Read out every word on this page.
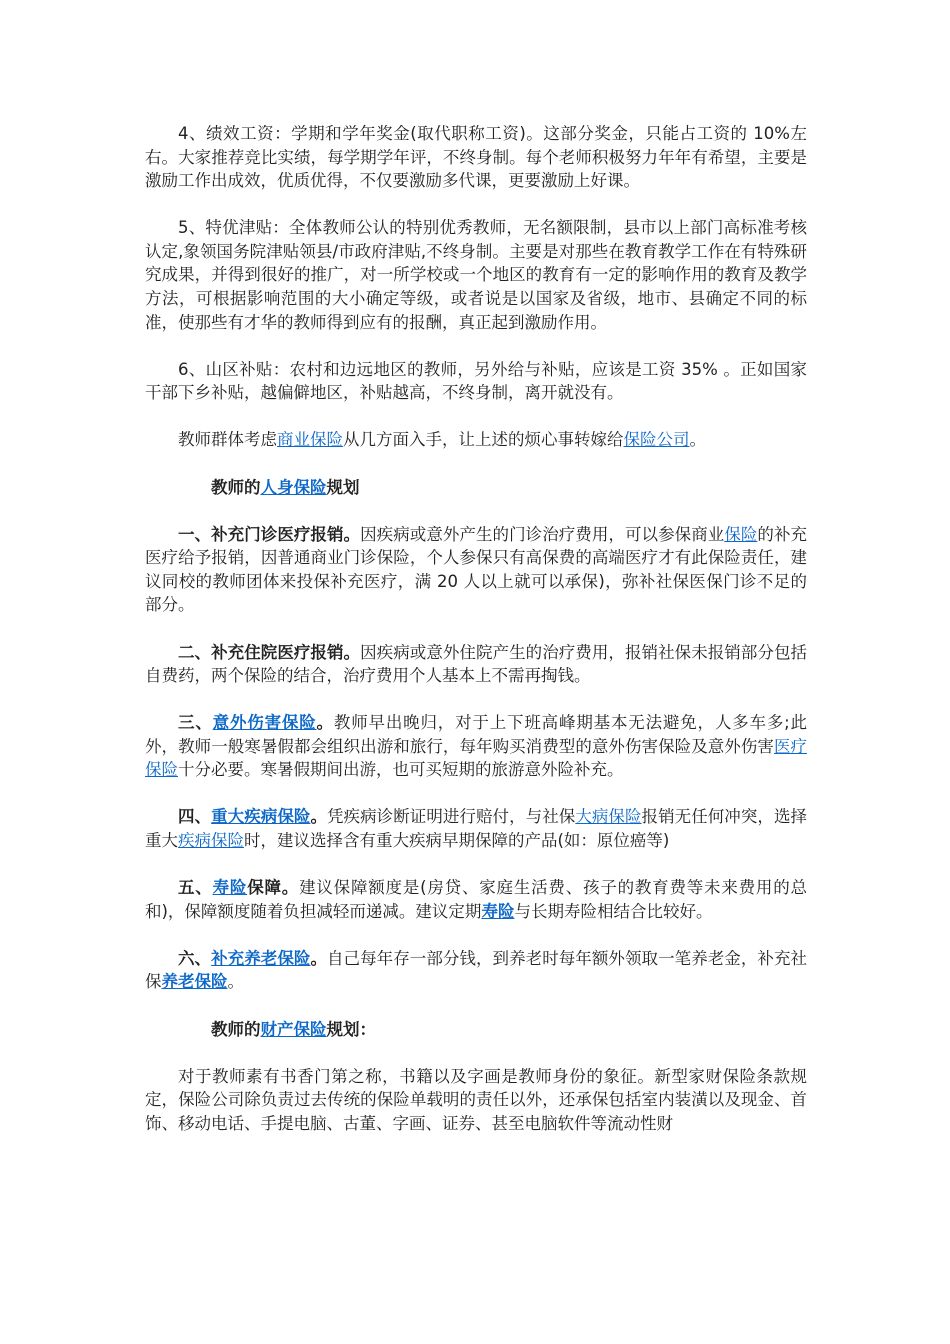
4、绩效工资：学期和学年奖金(取代职称工资)。这部分奖金，只能占工资的 10%左右。大家推荐竞比实绩，每学期学年评，不终身制。每个老师积极努力年年有希望，主要是激励工作出成效，优质优得，不仅要激励多代课，更要激励上好课。

5、特优津贴：全体教师公认的特别优秀教师，无名额限制，县市以上部门高标准考核认定,象领国务院津贴领县/市政府津贴,不终身制。主要是对那些在教育教学工作在有特殊研究成果，并得到很好的推广，对一所学校或一个地区的教育有一定的影响作用的教育及教学方法，可根据影响范围的大小确定等级，或者说是以国家及省级，地市、县确定不同的标准，使那些有才华的教师得到应有的报酬，真正起到激励作用。

6、山区补贴：农村和边远地区的教师，另外给与补贴，应该是工资 35% 。正如国家干部下乡补贴，越偏僻地区，补贴越高，不终身制，离开就没有。

教师群体考虑商业保险从几方面入手，让上述的烦心事转嫁给保险公司。

教师的人身保险规划

一、补充门诊医疗报销。因疾病或意外产生的门诊治疗费用，可以参保商业保险的补充医疗给予报销，因普通商业门诊保险，个人参保只有高保费的高端医疗才有此保险责任，建议同校的教师团体来投保补充医疗，满 20 人以上就可以承保)，弥补社保医保门诊不足的部分。

二、补充住院医疗报销。因疾病或意外住院产生的治疗费用，报销社保未报销部分包括自费药，两个保险的结合，治疗费用个人基本上不需再掏钱。

三、意外伤害保险。教师早出晚归，对于上下班高峰期基本无法避免，人多车多;此外，教师一般寒暑假都会组织出游和旅行，每年购买消费型的意外伤害保险及意外伤害医疗保险十分必要。寒暑假期间出游，也可买短期的旅游意外险补充。

四、重大疾病保险。凭疾病诊断证明进行赔付，与社保大病保险报销无任何冲突，选择重大疾病保险时，建议选择含有重大疾病早期保障的产品(如：原位癌等)

五、寿险保障。建议保障额度是(房贷、家庭生活费、孩子的教育费等未来费用的总和)，保障额度随着负担减轻而递减。建议定期寿险与长期寿险相结合比较好。

六、补充养老保险。自己每年存一部分钱，到养老时每年额外领取一笔养老金，补充社保养老保险。

教师的财产保险规划：

对于教师素有书香门第之称，书籍以及字画是教师身份的象征。新型家财保险条款规定，保险公司除负责过去传统的保险单载明的责任以外，还承保包括室内装潢以及现金、首饰、移动电话、手提电脑、古董、字画、证券、甚至电脑软件等流动性财
